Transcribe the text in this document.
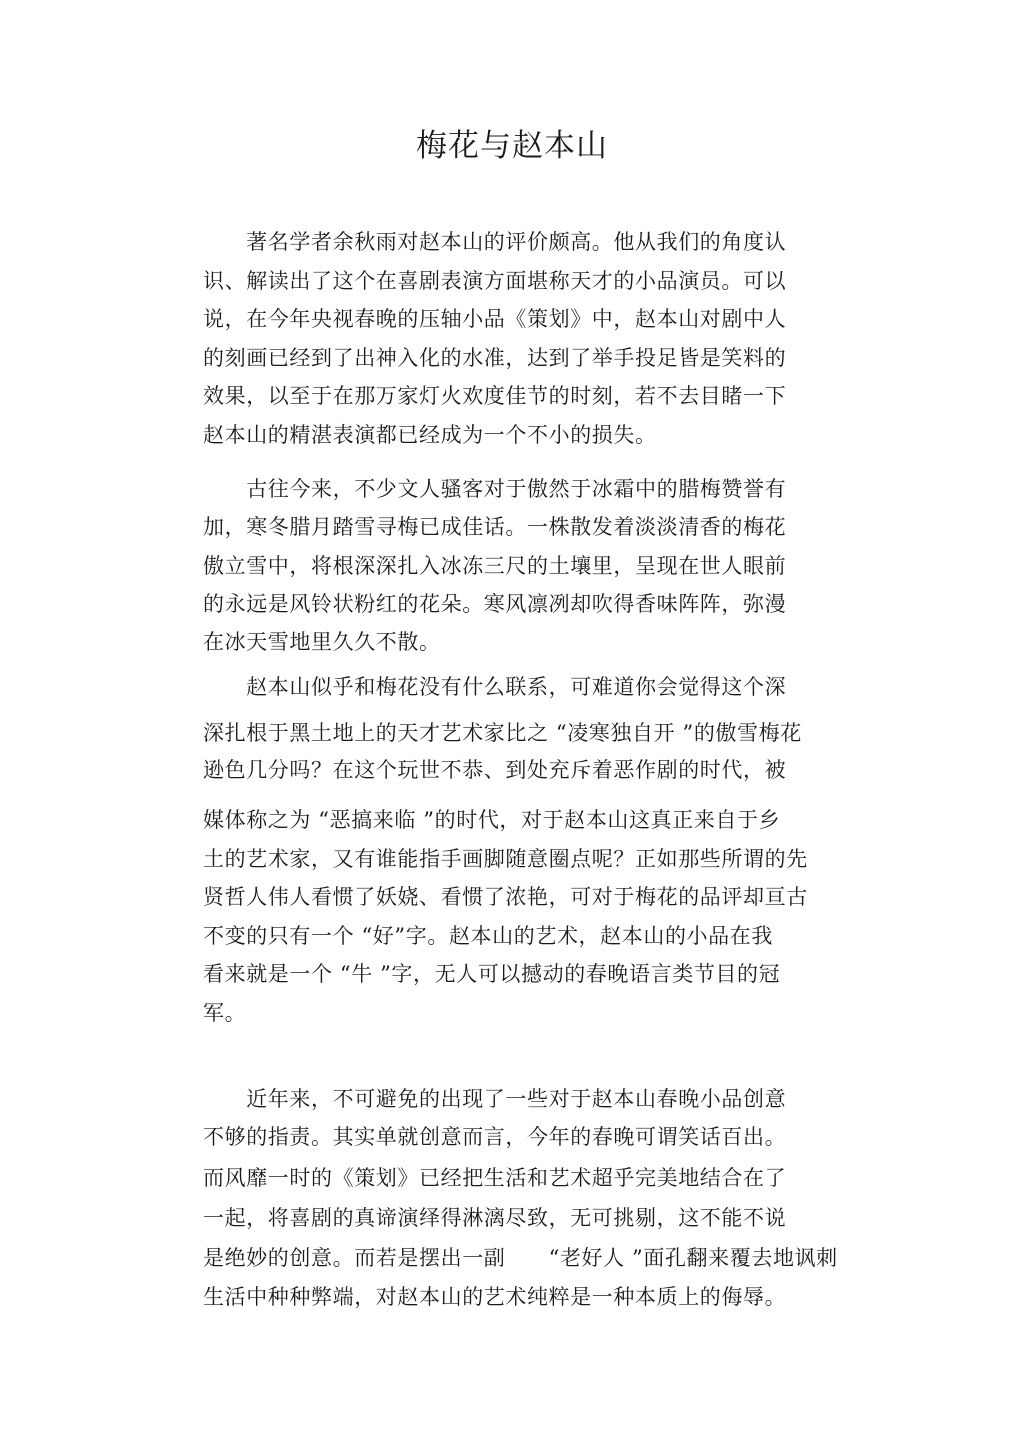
梅花与赵本山
　　著名学者余秋雨对赵本山的评价颇高。他从我们的角度认
识、解读出了这个在喜剧表演方面堪称天才的小品演员。可以
说，在今年央视春晚的压轴小品《策划》中，赵本山对剧中人
的刻画已经到了出神入化的水准，达到了举手投足皆是笑料的
效果，以至于在那万家灯火欢度佳节的时刻，若不去目睹一下
赵本山的精湛表演都已经成为一个不小的损失。
　　古往今来，不少文人骚客对于傲然于冰霜中的腊梅赞誉有
加，寒冬腊月踏雪寻梅已成佳话。一株散发着淡淡清香的梅花
傲立雪中，将根深深扎入冰冻三尺的土壤里，呈现在世人眼前
的永远是风铃状粉红的花朵。寒风凛冽却吹得香味阵阵，弥漫
在冰天雪地里久久不散。
　　赵本山似乎和梅花没有什么联系，可难道你会觉得这个深
深扎根于黑土地上的天才艺术家比之 “凌寒独自开 ”的傲雪梅花
逊色几分吗？在这个玩世不恭、到处充斥着恶作剧的时代，被
媒体称之为 “恶搞来临 ”的时代，对于赵本山这真正来自于乡
土的艺术家，又有谁能指手画脚随意圈点呢？正如那些所谓的先
贤哲人伟人看惯了妖娆、看惯了浓艳，可对于梅花的品评却亘古
不变的只有一个 “好”字。赵本山的艺术，赵本山的小品在我
看来就是一个 “牛 ”字，无人可以撼动的春晚语言类节目的冠
军。
　　近年来，不可避免的出现了一些对于赵本山春晚小品创意
不够的指责。其实单就创意而言，今年的春晚可谓笑话百出。
而风靡一时的《策划》已经把生活和艺术超乎完美地结合在了
一起，将喜剧的真谛演绎得淋漓尽致，无可挑剔，这不能不说
是绝妙的创意。而若是摆出一副　　“老好人 ”面孔翻来覆去地讽刺
生活中种种弊端，对赵本山的艺术纯粹是一种本质上的侮辱。
